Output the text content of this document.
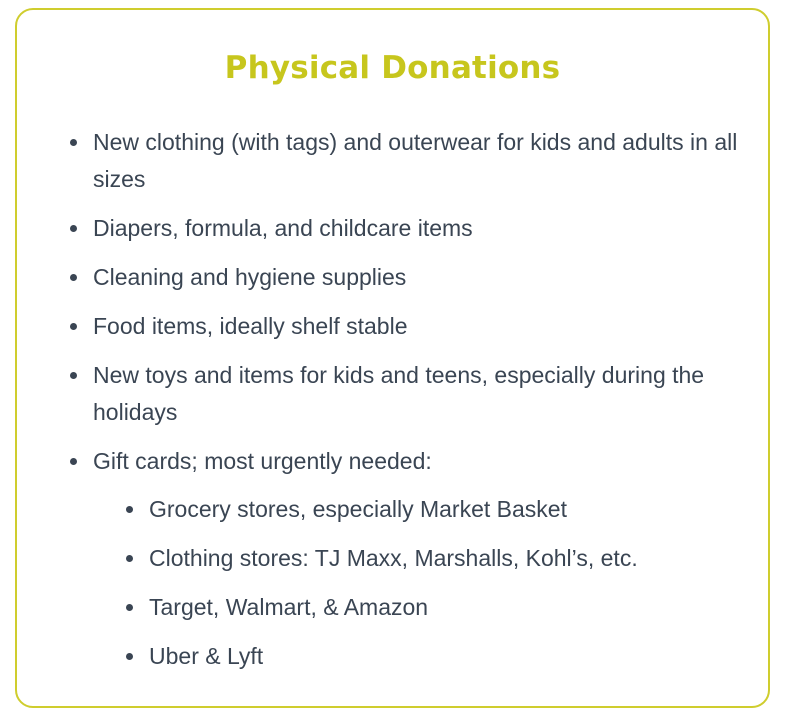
Physical Donations
New clothing (with tags) and outerwear for kids and adults in all sizes
Diapers, formula, and childcare items
Cleaning and hygiene supplies
Food items, ideally shelf stable
New toys and items for kids and teens, especially during the holidays
Gift cards; most urgently needed:
Grocery stores, especially Market Basket
Clothing stores: TJ Maxx, Marshalls, Kohl’s, etc.
Target, Walmart, & Amazon
Uber & Lyft
